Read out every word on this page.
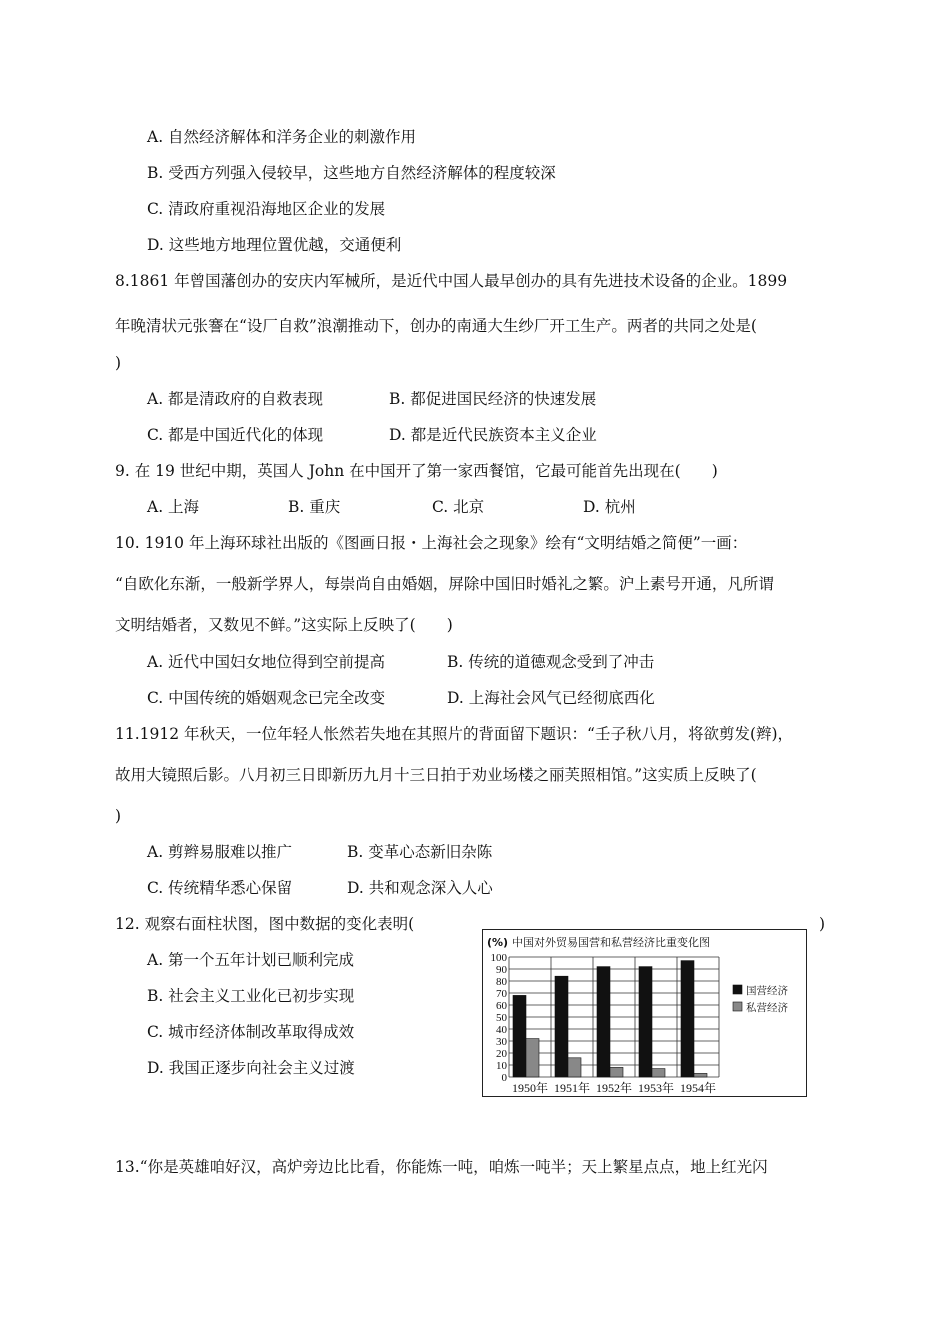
A. 自然经济解体和洋务企业的刺激作用
B. 受西方列强入侵较早，这些地方自然经济解体的程度较深
C. 清政府重视沿海地区企业的发展
D. 这些地方地理位置优越，交通便利
8.1861 年曾国藩创办的安庆内军械所，是近代中国人最早创办的具有先进技术设备的企业。1899
年晚清状元张謇在“设厂自救”浪潮推动下，创办的南通大生纱厂开工生产。两者的共同之处是(
)
A. 都是清政府的自救表现	B. 都促进国民经济的快速发展
C. 都是中国近代化的体现	D. 都是近代民族资本主义企业
9. 在 19 世纪中期，英国人 John 在中国开了第一家西餐馆，它最可能首先出现在(　　)
A. 上海	B. 重庆	C. 北京	D. 杭州
10. 1910 年上海环球社出版的《图画日报・上海社会之现象》绘有“文明结婚之简便”一画：
“自欧化东渐，一般新学界人，每崇尚自由婚姻，屏除中国旧时婚礼之繁。沪上素号开通，凡所谓
文明结婚者，又数见不鲜。”这实际上反映了(　　)
A. 近代中国妇女地位得到空前提高	B. 传统的道德观念受到了冲击
C. 中国传统的婚姻观念已完全改变	D. 上海社会风气已经彻底西化
11.1912 年秋天，一位年轻人怅然若失地在其照片的背面留下题识：“壬子秋八月，将欲剪发(辫)，
故用大镜照后影。八月初三日即新历九月十三日拍于劝业场楼之丽芙照相馆。”这实质上反映了(
)
A. 剪辫易服难以推广	B. 变革心态新旧杂陈
C. 传统精华悉心保留	D. 共和观念深入人心
12. 观察右面柱状图，图中数据的变化表明(	)
A. 第一个五年计划已顺利完成
B. 社会主义工业化已初步实现
C. 城市经济体制改革取得成效
D. 我国正逐步向社会主义过渡
(%) 中国对外贸易国营和私营经济比重变化图
0
10
20
30
40
50
60
70
80
90
100
1950年 1951年 1952年 1953年 1954年
国营经济
私营经济
13.“你是英雄咱好汉，高炉旁边比比看，你能炼一吨，咱炼一吨半；天上繁星点点，地上红光闪
